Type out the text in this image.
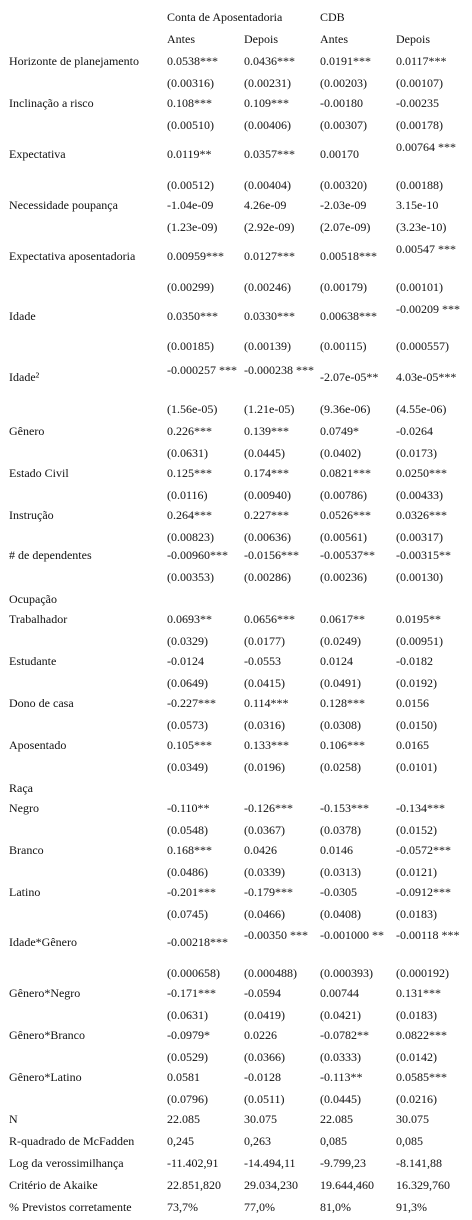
Conta de Aposentadoria	CDB
Antes	Depois	Antes	Depois
Horizonte de planejamento 0.0538*** 0.0436*** 0.0191*** 0.0117***
(0.00316)	(0.00231) (0.00203) (0.00107)
Inclinação a risco	0.108***	0.109***	-0.00180	-0.00235
(0.00510)	(0.00406) (0.00307) (0.00178)
Expectativa	0.0119**	0.0357*** 0.00170	0.00764 ***
(0.00512)	(0.00404) (0.00320) (0.00188)
Necessidade poupança	-1.04e-09	4.26e-09	-2.03e-09 3.15e-10
(1.23e-09) (2.92e-09) (2.07e-09) (3.23e-10)
Expectativa aposentadoria	0.00959*** 0.0127*** 0.00518*** 0.00547 ***
(0.00299)	(0.00246) (0.00179) (0.00101)
Idade	0.0350*** 0.0330*** 0.00638*** -0.00209 ***
(0.00185)	(0.00139) (0.00115) (0.000557)
Idade²	-0.000257 *** -0.000238 *** -2.07e-05** 4.03e-05***
(1.56e-05) (1.21e-05) (9.36e-06) (4.55e-06)
Gênero	0.226***	0.139***	0.0749*	-0.0264
(0.0631)	(0.0445)	(0.0402)	(0.0173)
Estado Civil	0.125***	0.174***	0.0821*** 0.0250***
(0.0116)	(0.00940) (0.00786) (0.00433)
Instrução	0.264***	0.227***	0.0526*** 0.0326***
(0.00823)	(0.00636) (0.00561) (0.00317)
# de dependentes	-0.00960*** -0.0156*** -0.00537** -0.00315**
(0.00353)	(0.00286) (0.00236) (0.00130)
Ocupação
Trabalhador	0.0693**	0.0656*** 0.0617**	0.0195**
(0.0329)	(0.0177)	(0.0249)	(0.00951)
Estudante	-0.0124	-0.0553	0.0124	-0.0182
(0.0649)	(0.0415)	(0.0491)	(0.0192)
Dono de casa	-0.227*** 0.114***	0.128***	0.0156
(0.0573)	(0.0316)	(0.0308)	(0.0150)
Aposentado	0.105***	0.133***	0.106***	0.0165
(0.0349)	(0.0196)	(0.0258)	(0.0101)
Raça
Negro	-0.110**	-0.126*** -0.153*** -0.134***
(0.0548)	(0.0367)	(0.0378)	(0.0152)
Branco	0.168***	0.0426	0.0146	-0.0572***
(0.0486)	(0.0339)	(0.0313)	(0.0121)
Latino	-0.201*** -0.179*** -0.0305	-0.0912***
(0.0745)	(0.0466)	(0.0408)	(0.0183)
Idade*Gênero	-0.00218*** -0.00350 ***	-0.001000 **	-0.00118 ***
(0.000658) (0.000488) (0.000393) (0.000192)
Gênero*Negro	-0.171*** -0.0594	0.00744	0.131***
(0.0631)	(0.0419)	(0.0421)	(0.0183)
Gênero*Branco	-0.0979*	0.0226	-0.0782** 0.0822***
(0.0529)	(0.0366)	(0.0333)	(0.0142)
Gênero*Latino	0.0581	-0.0128	-0.113**	0.0585***
(0.0796)	(0.0511)	(0.0445)	(0.0216)
N	22.085	30.075	22.085	30.075
R-quadrado de McFadden	0,245	0,263	0,085	0,085
Log da verossimilhança	-11.402,91 -14.494,11 -9.799,23	-8.141,88
Critério de Akaike	22.851,820 29.034,230 19.644,460 16.329,760
% Previstos corretamente	73,7%	77,0%	81,0%	91,3%
